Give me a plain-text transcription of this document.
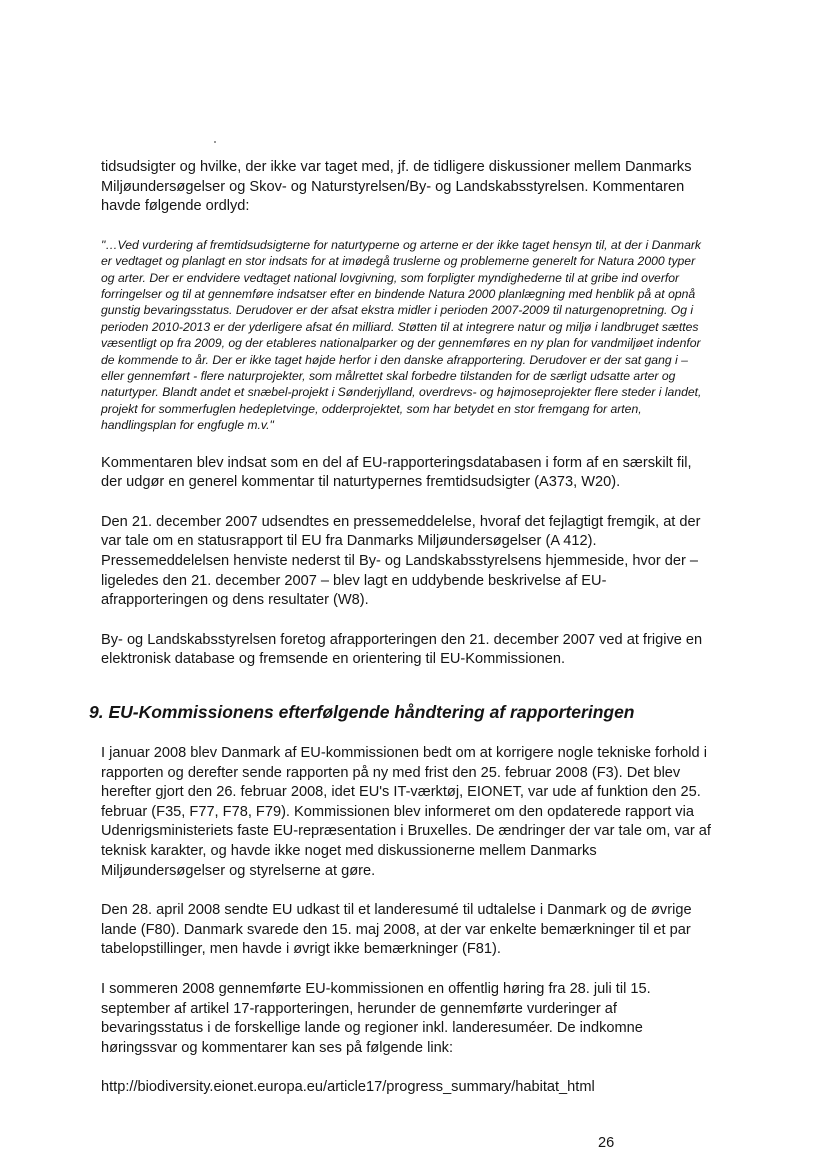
tidsudsigter og hvilke, der ikke var taget med, jf. de tidligere diskussioner mellem Danmarks Miljøundersøgelser og Skov- og Naturstyrelsen/By- og Landskabsstyrelsen. Kommentaren havde følgende ordlyd:

"…Ved vurdering af fremtidsudsigterne for naturtyperne og arterne er der ikke taget hensyn til, at der i Danmark er vedtaget og planlagt en stor indsats for at imødegå truslerne og problemerne generelt for Natura 2000 typer og arter. Der er endvidere vedtaget national lovgivning, som forpligter myndighederne til at gribe ind overfor forringelser og til at gennemføre indsatser efter en bindende Natura 2000 planlægning med henblik på at opnå gunstig bevaringsstatus. Derudover er der afsat ekstra midler i perioden 2007-2009 til naturgenopretning. Og i perioden 2010-2013 er der yderligere afsat én milliard. Støtten til at integrere natur og miljø i landbruget sættes væsentligt op fra 2009, og der etableres nationalparker og der gennemføres en ny plan for vandmiljøet indenfor de kommende to år. Der er ikke taget højde herfor i den danske afrapportering. Derudover er der sat gang i – eller gennemført - flere naturprojekter, som målrettet skal forbedre tilstanden for de særligt udsatte arter og naturtyper. Blandt andet et snæbel-projekt i Sønderjylland, overdrevs- og højmoseprojekter flere steder i landet, projekt for sommerfuglen hedepletvinge, odderprojektet, som har betydet en stor fremgang for arten, handlingsplan for engfugle m.v."

Kommentaren blev indsat som en del af EU-rapporteringsdatabasen i form af en særskilt fil, der udgør en generel kommentar til naturtypernes fremtidsudsigter (A373, W20).

Den 21. december 2007 udsendtes en pressemeddelelse, hvoraf det fejlagtigt fremgik, at der var tale om en statusrapport til EU fra Danmarks Miljøundersøgelser (A 412). Pressemeddelelsen henviste nederst til By- og Landskabsstyrelsens hjemmeside, hvor der – ligeledes den 21. december 2007 – blev lagt en uddybende beskrivelse af EU-afrapporteringen og dens resultater (W8).

By- og Landskabsstyrelsen foretog afrapporteringen den 21. december 2007 ved at frigive en elektronisk database og fremsende en orientering til EU-Kommissionen.

9. EU-Kommissionens efterfølgende håndtering af rapporteringen

I januar 2008 blev Danmark af EU-kommissionen bedt om at korrigere nogle tekniske forhold i rapporten og derefter sende rapporten på ny med frist den 25. februar 2008 (F3). Det blev herefter gjort den 26. februar 2008, idet EU's IT-værktøj, EIONET, var ude af funktion den 25. februar (F35, F77, F78, F79). Kommissionen blev informeret om den opdaterede rapport via Udenrigsministeriets faste EU-repræsentation i Bruxelles. De ændringer der var tale om, var af teknisk karakter, og havde ikke noget med diskussionerne mellem Danmarks Miljøundersøgelser og styrelserne at gøre.

Den 28. april 2008 sendte EU udkast til et landeresumé til udtalelse i Danmark og de øvrige lande (F80). Danmark svarede den 15. maj 2008, at der var enkelte bemærkninger til et par tabelopstillinger, men havde i øvrigt ikke bemærkninger (F81).

I sommeren 2008 gennemførte EU-kommissionen en offentlig høring fra 28. juli til 15. september af artikel 17-rapporteringen, herunder de gennemførte vurderinger af bevaringsstatus i de forskellige lande og regioner inkl. landeresuméer. De indkomne høringssvar og kommentarer kan ses på følgende link:

http://biodiversity.eionet.europa.eu/article17/progress_summary/habitat_html

26
